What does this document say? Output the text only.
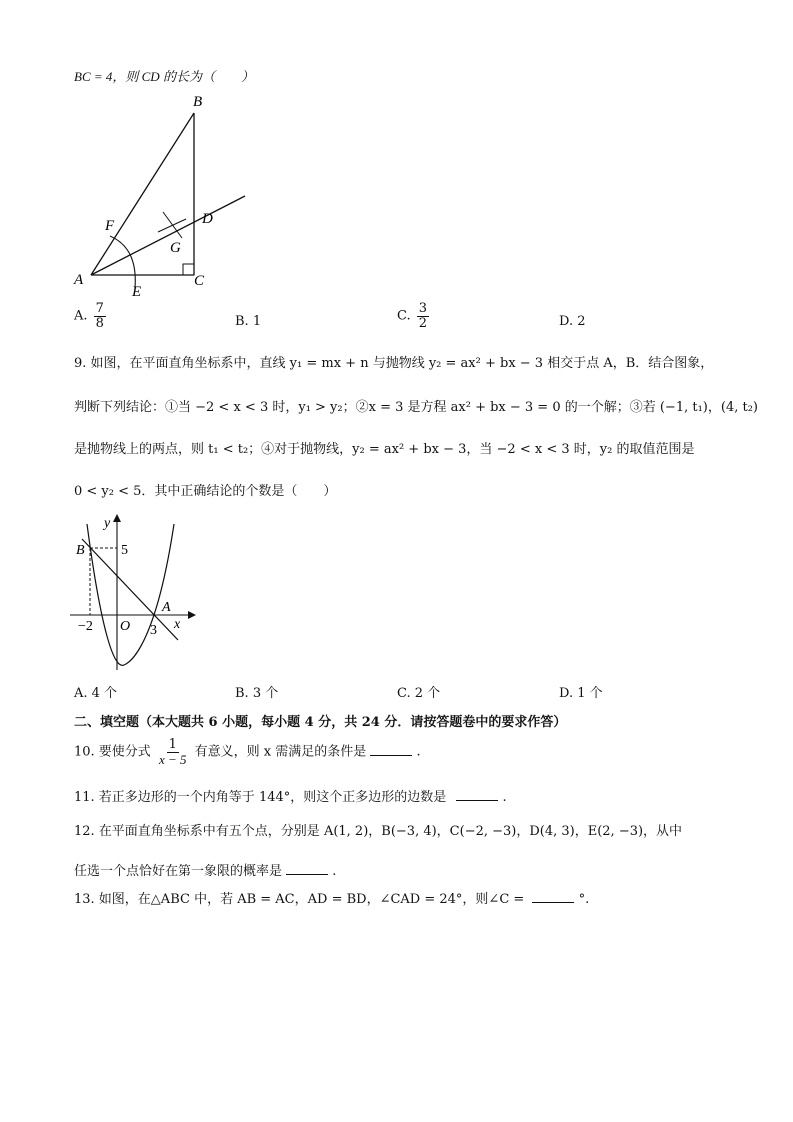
BC = 4，则 CD 的长为（　　）
B
A	C
D
E
F
G
A. $\frac{7}{8}$	B. 1	C. $\frac{3}{2}$	D. 2
9. 如图，在平面直角坐标系中，直线 y₁ = mx + n 与抛物线 y₂ = ax² + bx − 3 相交于点 A，B．结合图象，
判断下列结论：①当 −2 < x < 3 时，y₁ > y₂；②x = 3 是方程 ax² + bx − 3 = 0 的一个解；③若 (−1, t₁)，(4, t₂)
是抛物线上的两点，则 t₁ < t₂；④对于抛物线，y₂ = ax² + bx − 3，当 −2 < x < 3 时，y₂ 的取值范围是
0 < y₂ < 5．其中正确结论的个数是（　　）
y
x
5
B
A
−2 O 3
A. 4 个	B. 3 个	C. 2 个	D. 1 个
二、填空题（本大题共 6 小题，每小题 4 分，共 24 分．请按答题卷中的要求作答）
10. 要使分式 $\frac{1}{x - 5}$ 有意义，则 x 需满足的条件是	.
11. 若正多边形的一个内角等于 144°，则这个正多边形的边数是	.
12. 在平面直角坐标系中有五个点，分别是 A(1, 2)，B(−3, 4)，C(−2, −3)，D(4, 3)，E(2, −3)，从中
任选一个点恰好在第一象限的概率是	.
13. 如图，在△ABC 中，若 AB = AC，AD = BD，∠CAD = 24°，则∠C =	°.
